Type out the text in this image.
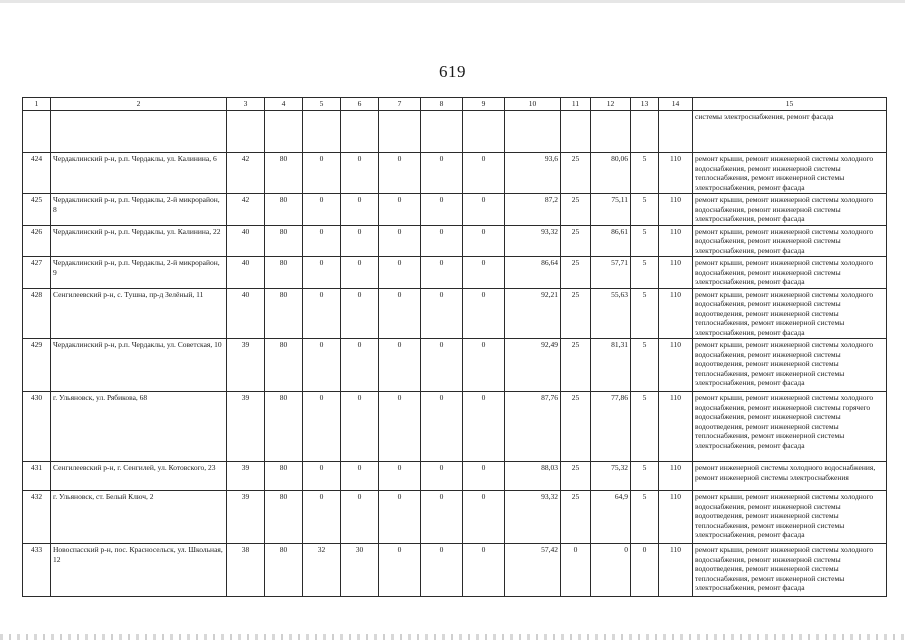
619
1	2	3	4	5	6	7	8	9	10	11	12	13	14	15
														системы электроснабжения, ремонт фасада
424	Чердаклинский р-н, р.п. Чердаклы, ул. Калинина, 6	42	80	0	0	0	0	0	93,6	25	80,06	5	110	ремонт крыши, ремонт инженерной системы холодного водоснабжения, ремонт инженерной системы теплоснабжения, ремонт инженерной системы электроснабжения, ремонт фасада
425	Чердаклинский р-н, р.п. Чердаклы, 2-й микрорайон, 8	42	80	0	0	0	0	0	87,2	25	75,11	5	110	ремонт крыши, ремонт инженерной системы холодного водоснабжения, ремонт инженерной системы электроснабжения, ремонт фасада
426	Чердаклинский р-н, р.п. Чердаклы, ул. Калинина, 22	40	80	0	0	0	0	0	93,32	25	86,61	5	110	ремонт крыши, ремонт инженерной системы холодного водоснабжения, ремонт инженерной системы электроснабжения, ремонт фасада
427	Чердаклинский р-н, р.п. Чердаклы, 2-й микрорайон, 9	40	80	0	0	0	0	0	86,64	25	57,71	5	110	ремонт крыши, ремонт инженерной системы холодного водоснабжения, ремонт инженерной системы электроснабжения, ремонт фасада
428	Сенгилеевский р-н, с. Тушна, пр-д Зелёный, 11	40	80	0	0	0	0	0	92,21	25	55,63	5	110	ремонт крыши, ремонт инженерной системы холодного водоснабжения, ремонт инженерной системы водоотведения, ремонт инженерной системы теплоснабжения, ремонт инженерной системы электроснабжения, ремонт фасада
429	Чердаклинский р-н, р.п. Чердаклы, ул. Советская, 10	39	80	0	0	0	0	0	92,49	25	81,31	5	110	ремонт крыши, ремонт инженерной системы холодного водоснабжения, ремонт инженерной системы водоотведения, ремонт инженерной системы теплоснабжения, ремонт инженерной системы электроснабжения, ремонт фасада
430	г. Ульяновск, ул. Рябикова, 68	39	80	0	0	0	0	0	87,76	25	77,86	5	110	ремонт крыши, ремонт инженерной системы холодного водоснабжения, ремонт инженерной системы горячего водоснабжения, ремонт инженерной системы водоотведения, ремонт инженерной системы теплоснабжения, ремонт инженерной системы электроснабжения, ремонт фасада
431	Сенгилеевский р-н, г. Сенгилей, ул. Котовского, 23	39	80	0	0	0	0	0	88,03	25	75,32	5	110	ремонт инженерной системы холодного водоснабжения, ремонт инженерной системы электроснабжения
432	г. Ульяновск, ст. Белый Ключ, 2	39	80	0	0	0	0	0	93,32	25	64,9	5	110	ремонт крыши, ремонт инженерной системы холодного водоснабжения, ремонт инженерной системы водоотведения, ремонт инженерной системы теплоснабжения, ремонт инженерной системы электроснабжения, ремонт фасада
433	Новоспасский р-н, пос. Красносельск, ул. Школьная, 12	38	80	32	30	0	0	0	57,42	0	0	0	110	ремонт крыши, ремонт инженерной системы холодного водоснабжения, ремонт инженерной системы водоотведения, ремонт инженерной системы теплоснабжения, ремонт инженерной системы электроснабжения, ремонт фасада
